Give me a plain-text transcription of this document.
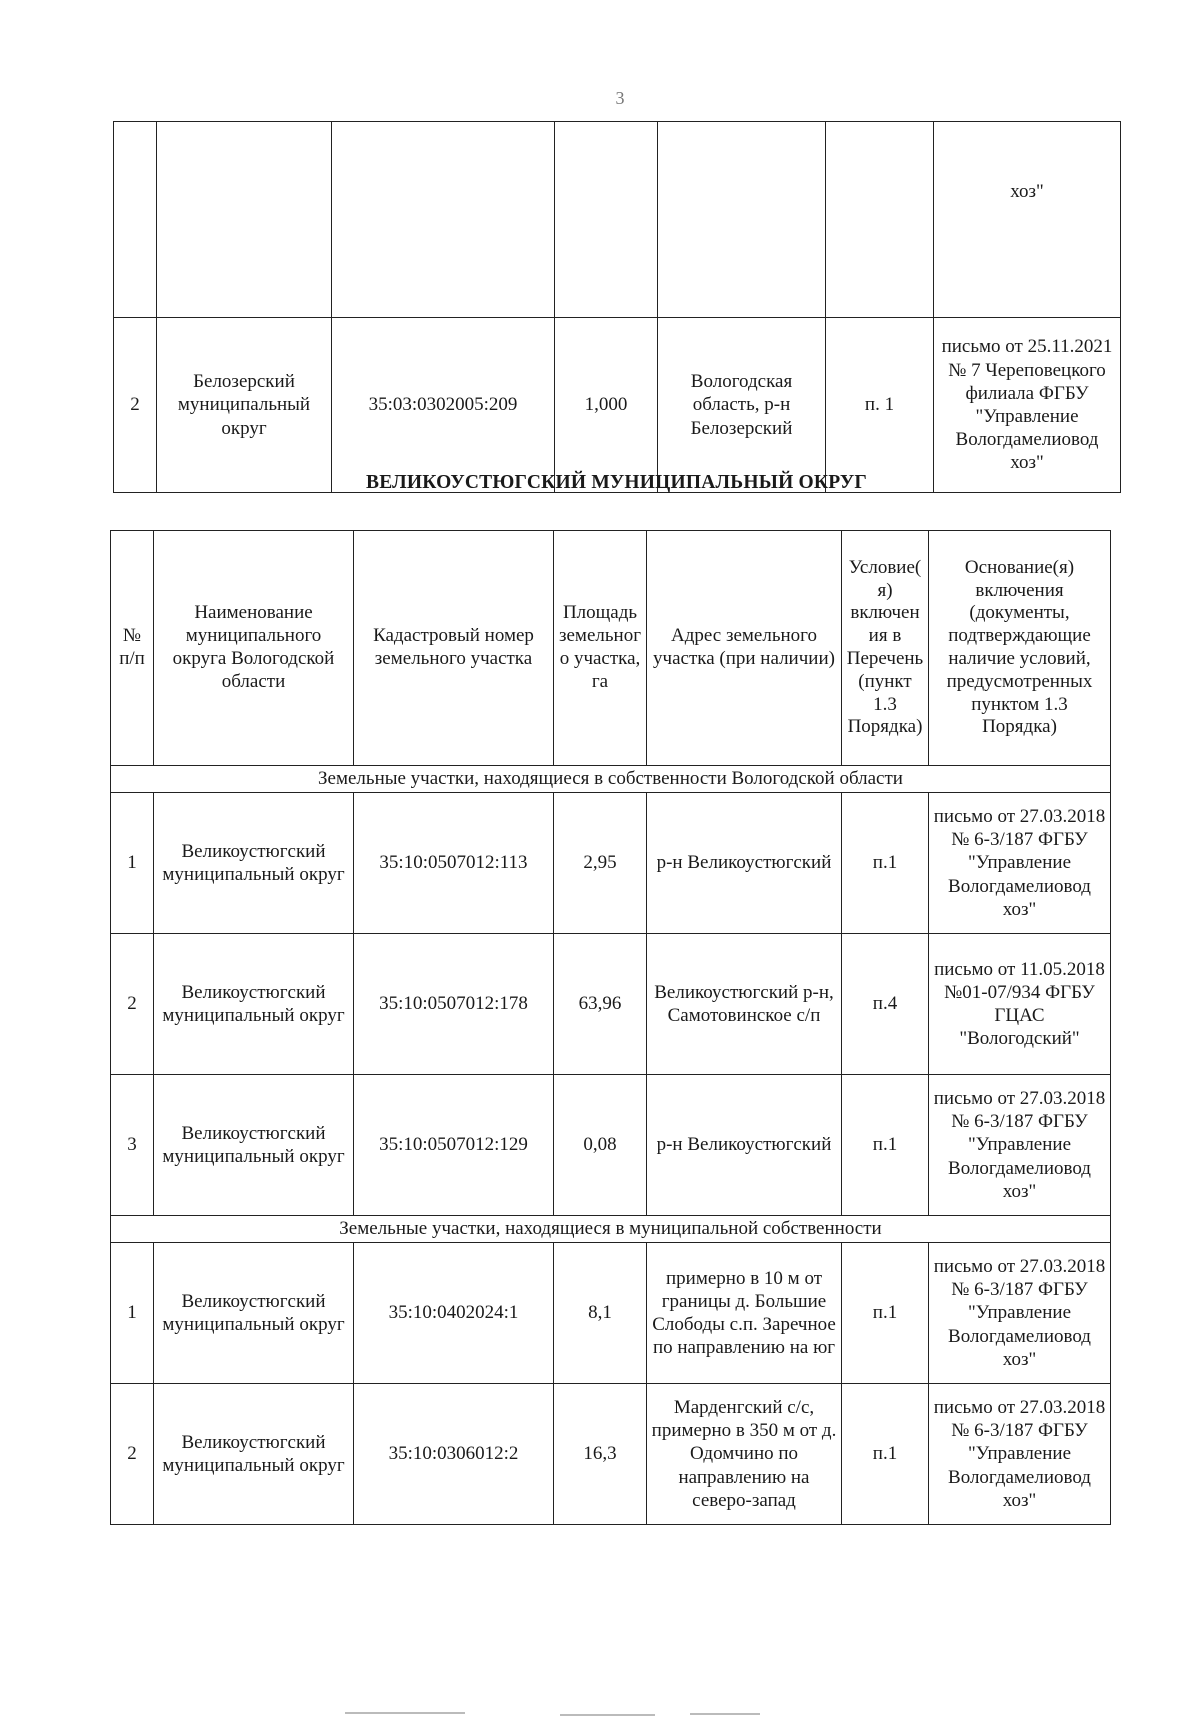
3
						хоз"
2	Белозерский муниципальный округ	35:03:0302005:209	1,000	Вологодская область, р-н Белозерский	п. 1	письмо от 25.11.2021 № 7 Череповецкого филиала ФГБУ "Управление Вологдамелиовод хоз"
ВЕЛИКОУСТЮГСКИЙ МУНИЦИПАЛЬНЫЙ ОКРУГ
№ п/п	Наименование муниципального округа Вологодской области	Кадастровый номер земельного участка	Площадь земельного участка, га	Адрес земельного участка (при наличии)	Условие(я) включения в Перечень (пункт 1.3 Порядка)	Основание(я) включения (документы, подтверждающие наличие условий, предусмотренных пунктом 1.3 Порядка)
Земельные участки, находящиеся в собственности Вологодской области						
1	Великоустюгский муниципальный округ	35:10:0507012:113	2,95	р-н Великоустюгский	п.1	письмо от 27.03.2018 № 6-3/187 ФГБУ "Управление Вологдамелиовод хоз"
2	Великоустюгский муниципальный округ	35:10:0507012:178	63,96	Великоустюгский р-н, Самотовинское с/п	п.4	письмо от 11.05.2018 №01-07/934 ФГБУ ГЦАС "Вологодский"
3	Великоустюгский муниципальный округ	35:10:0507012:129	0,08	р-н Великоустюгский	п.1	письмо от 27.03.2018 № 6-3/187 ФГБУ "Управление Вологдамелиовод хоз"
Земельные участки, находящиеся в муниципальной собственности						
1	Великоустюгский муниципальный округ	35:10:0402024:1	8,1	примерно в 10 м от границы д. Большие Слободы с.п. Заречное по направлению на юг	п.1	письмо от 27.03.2018 № 6-3/187 ФГБУ "Управление Вологдамелиовод хоз"
2	Великоустюгский муниципальный округ	35:10:0306012:2	16,3	Марденгский с/с, примерно в 350 м от д. Одомчино по направлению на северо-запад	п.1	письмо от 27.03.2018 № 6-3/187 ФГБУ "Управление Вологдамелиовод хоз"
